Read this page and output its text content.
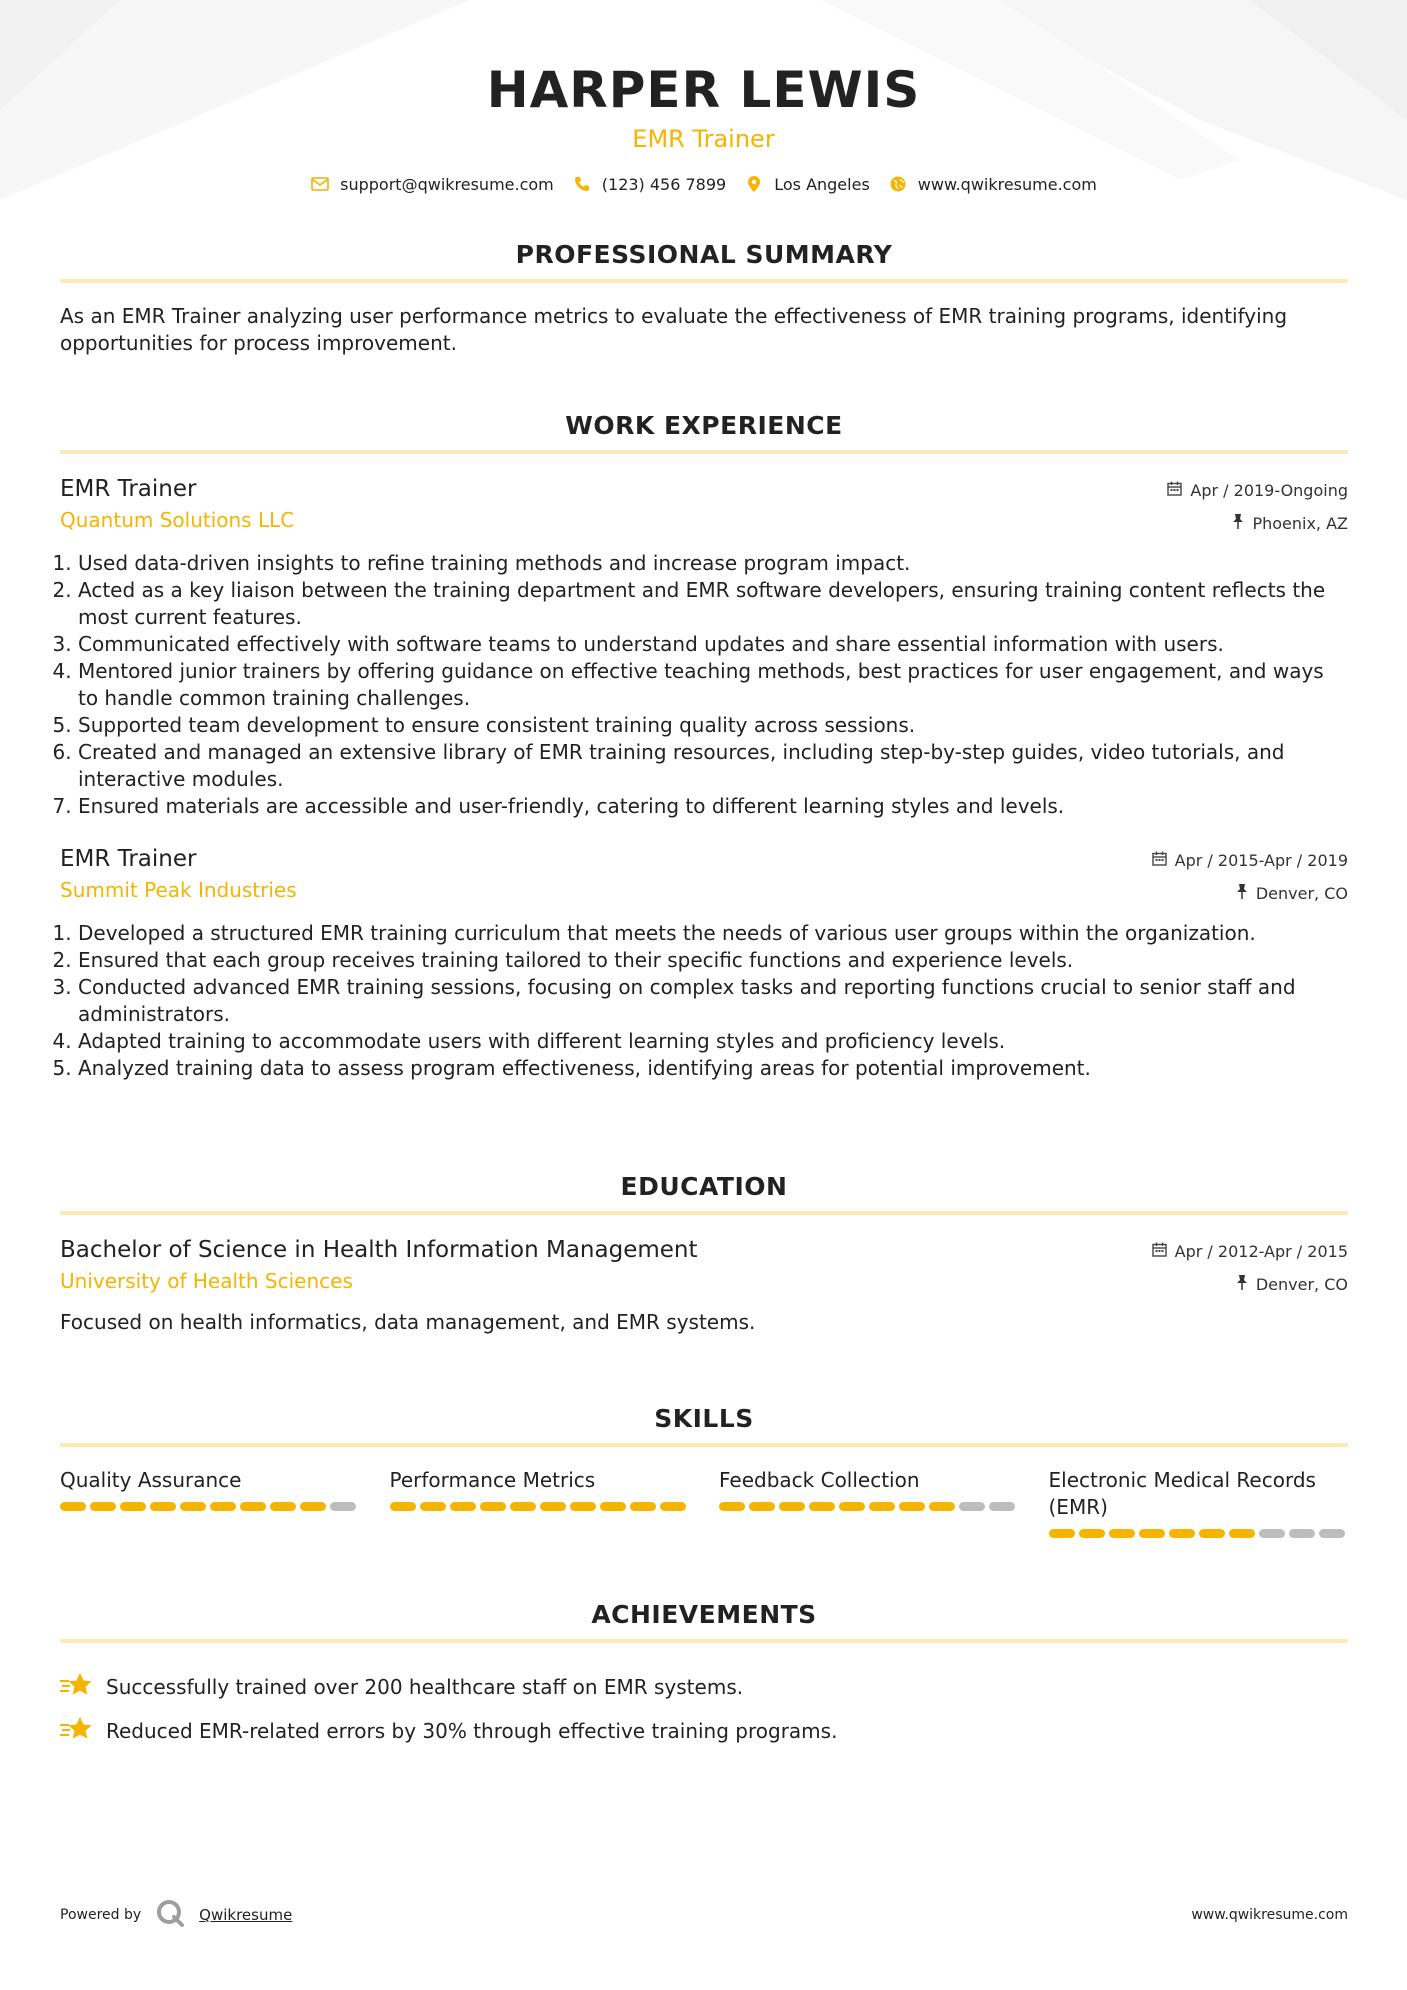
HARPER LEWIS
EMR Trainer
support@qwikresume.com	(123) 456 7899	Los Angeles	www.qwikresume.com
PROFESSIONAL SUMMARY
As an EMR Trainer analyzing user performance metrics to evaluate the effectiveness of EMR training programs, identifying opportunities for process improvement.
WORK EXPERIENCE
EMR Trainer
Quantum Solutions LLC
Apr / 2019-Ongoing
Phoenix, AZ
1. Used data-driven insights to refine training methods and increase program impact.
2. Acted as a key liaison between the training department and EMR software developers, ensuring training content reflects the most current features.
3. Communicated effectively with software teams to understand updates and share essential information with users.
4. Mentored junior trainers by offering guidance on effective teaching methods, best practices for user engagement, and ways to handle common training challenges.
5. Supported team development to ensure consistent training quality across sessions.
6. Created and managed an extensive library of EMR training resources, including step-by-step guides, video tutorials, and interactive modules.
7. Ensured materials are accessible and user-friendly, catering to different learning styles and levels.
EMR Trainer
Summit Peak Industries
Apr / 2015-Apr / 2019
Denver, CO
1. Developed a structured EMR training curriculum that meets the needs of various user groups within the organization.
2. Ensured that each group receives training tailored to their specific functions and experience levels.
3. Conducted advanced EMR training sessions, focusing on complex tasks and reporting functions crucial to senior staff and administrators.
4. Adapted training to accommodate users with different learning styles and proficiency levels.
5. Analyzed training data to assess program effectiveness, identifying areas for potential improvement.
EDUCATION
Bachelor of Science in Health Information Management
University of Health Sciences
Apr / 2012-Apr / 2015
Denver, CO
Focused on health informatics, data management, and EMR systems.
SKILLS
Quality Assurance	Performance Metrics	Feedback Collection	Electronic Medical Records (EMR)
ACHIEVEMENTS
Successfully trained over 200 healthcare staff on EMR systems.
Reduced EMR-related errors by 30% through effective training programs.
Powered by	Qwikresume	www.qwikresume.com
